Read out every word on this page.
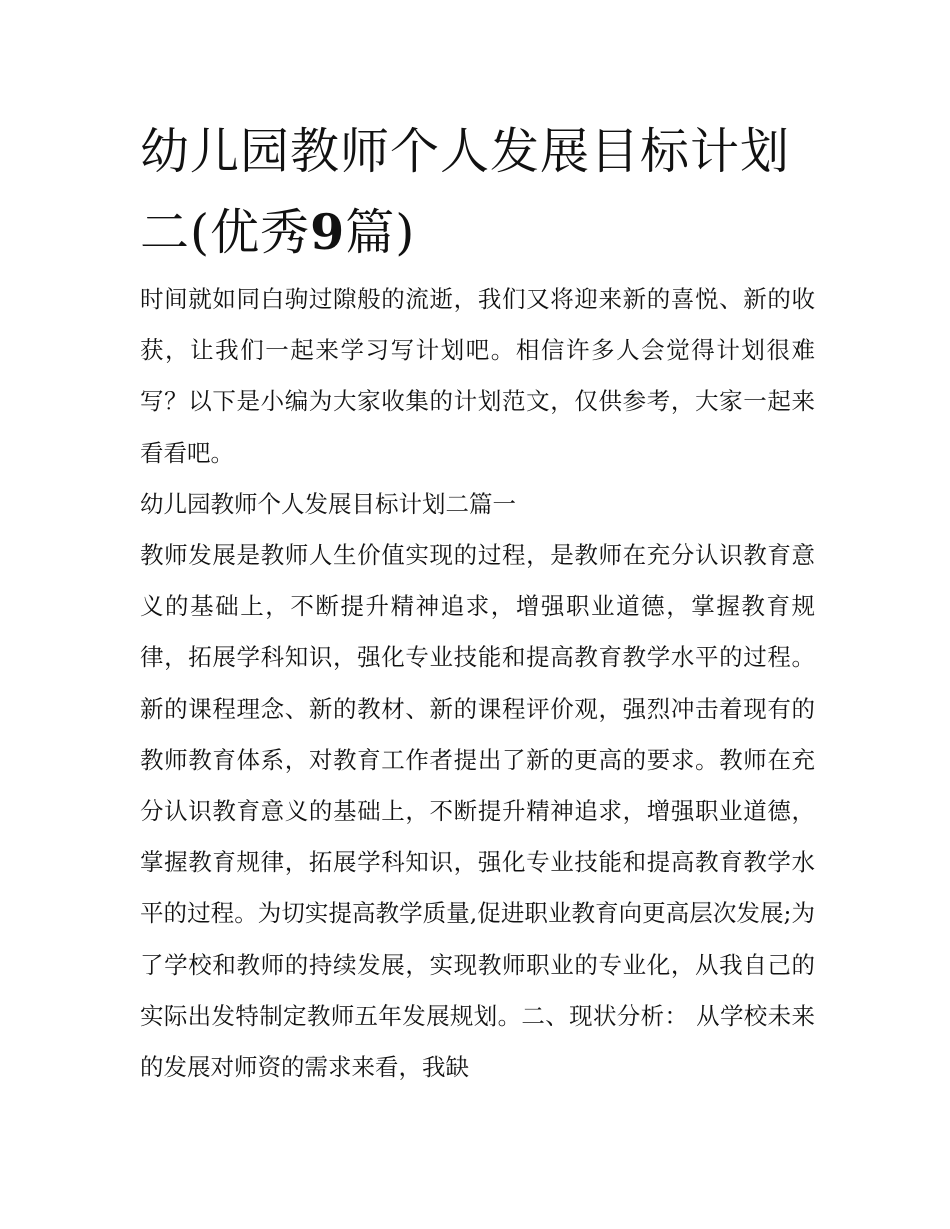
幼儿园教师个人发展目标计划二(优秀9篇)

时间就如同白驹过隙般的流逝，我们又将迎来新的喜悦、新的收获，让我们一起来学习写计划吧。相信许多人会觉得计划很难写？以下是小编为大家收集的计划范文，仅供参考，大家一起来看看吧。

幼儿园教师个人发展目标计划二篇一

教师发展是教师人生价值实现的过程，是教师在充分认识教育意义的基础上，不断提升精神追求，增强职业道德，掌握教育规律，拓展学科知识，强化专业技能和提高教育教学水平的过程。新的课程理念、新的教材、新的课程评价观，强烈冲击着现有的教师教育体系，对教育工作者提出了新的更高的要求。教师在充分认识教育意义的基础上，不断提升精神追求，增强职业道德，掌握教育规律，拓展学科知识，强化专业技能和提高教育教学水平的过程。为切实提高教学质量,促进职业教育向更高层次发展;为了学校和教师的持续发展，实现教师职业的专业化，从我自己的实际出发特制定教师五年发展规划。二、现状分析： 从学校未来的发展对师资的需求来看，我缺
